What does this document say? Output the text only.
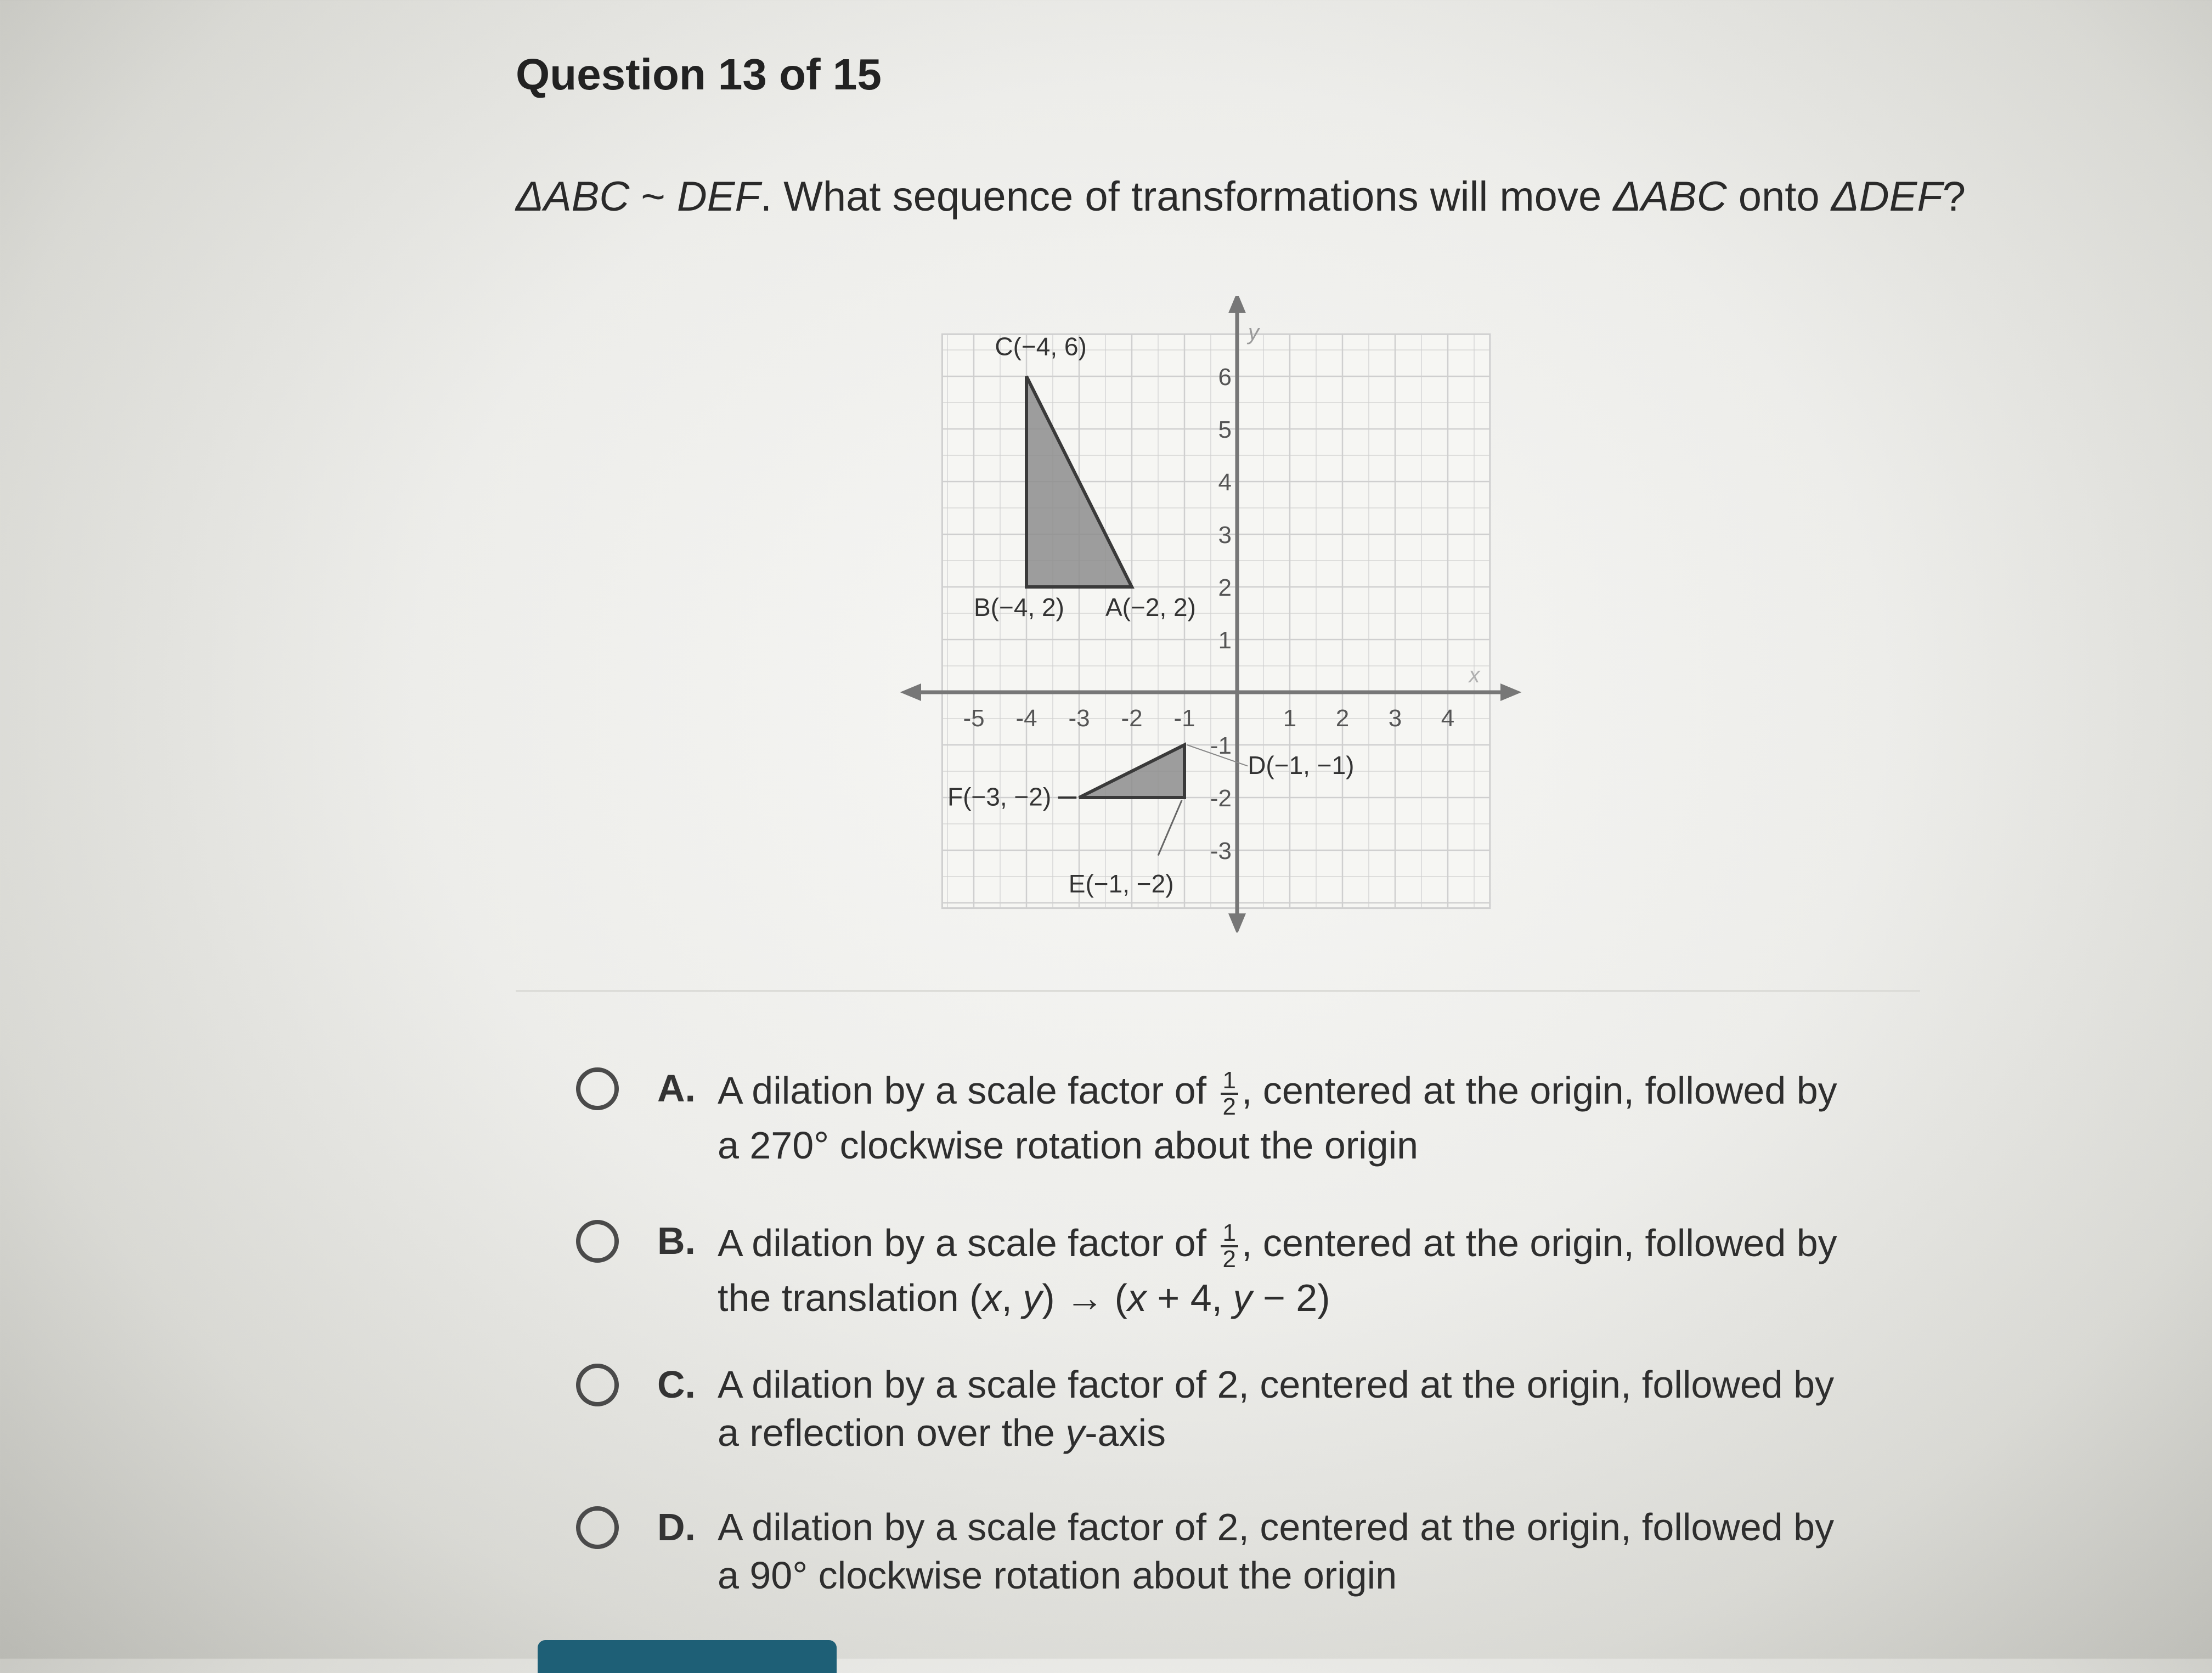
Question 13 of 15
ΔABC ~ DEF. What sequence of transformations will move ΔABC onto ΔDEF?
y
x
-5 -4 -3 -2 -1	1 2 3 4
6
5
4
3
2
1
-1
-2
-3
C(−4, 6)
B(−4, 2) A(−2, 2)
D(−1, −1)
F(−3, −2)
E(−1, −2)
A. A dilation by a scale factor of $\frac{1}{2}$ , centered at the origin, followed by
a 270° clockwise rotation about the origin
B. A dilation by a scale factor of $\frac{1}{2}$ , centered at the origin, followed by
the translation (x, y) → (x + 4, y − 2)
C. A dilation by a scale factor of 2, centered at the origin, followed by
a reflection over the y-axis
D. A dilation by a scale factor of 2, centered at the origin, followed by
a 90° clockwise rotation about the origin
